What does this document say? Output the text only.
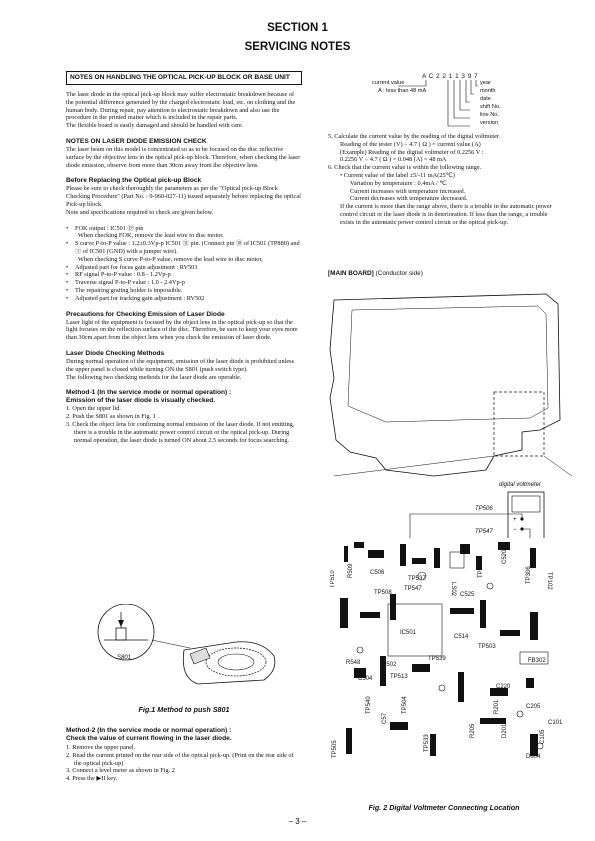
SECTION 1
SERVICING NOTES
NOTES ON HANDLING THE OPTICAL PICK-UP BLOCK OR BASE UNIT

The laser diode in the optical pick-up block may suffer electrostatic breakdown because of the potential difference generated by the charged electrostatic load, etc. on clothing and the human body. During repair, pay attention to electrostatic breakdown and also use the procedure in the printed matter which is included in the repair parts.

The flexible board is easily damaged and should be handled with care.

NOTES ON LASER DIODE EMISSION CHECK

The laser beam on this model is concentrated so as to be focused on the disc reflective surface by the objective lens in the optical pick-up block. Therefore, when checking the laser diode emission, observe from more than 30cm away from the objective lens.

Before Replacing the Optical pick-up Block

Please be sure to check thoroughly the parameters as per the "Optical pick-up Block Checking Procedure" (Part No. : 9-960-027-11) issued separately before replacing the optical Pick-up block.

Note and specifications required to check are given below.

•	FOK output : IC501 ⑲ pin
When checking FOK, remove the lead wire to disc motor.
•	S curve P-to-P value : 1.2±0.3Vp-p IC501 ㉛ pin. (Connect pin ⑩ of IC501 (TP880) and ③ of IC501 (GND) with a jumper wire).
When checking S curve P-to-P value, remove the lead wire to disc motor.
•	Adjusted part for focus gain adjustment : RV503
•	RF signal P-to-P value : 0.8 - 1.2Vp-p
•	Traverse signal P-to-P value : 1.0 - 2.4Vp-p
•	The repairing grating holder is impossible.
•	Adjusted part for tracking gain adjustment : RV502
Precautions for Checking Emission of Laser Diode

Laser light of the equipment is focused by the object lens in the optical pick-up so that the light focuses on the reflection surface of the disc. Therefore, be sure to keep your eyes more than 30cm apart from the object lens when you check the emission of laser diode.

Laser Diode Checking Methods

During normal operation of the equipment, emission of the laser diode is prohibited unless the upper panel is closed while turning ON the S801 (push switch type).

The following two checking methods for the laser diode are operable.

Method-1 (In the service mode or normal operation) :
Emission of the laser diode is visually checked.
1. Open the upper lid.
2. Push the S801 as shown in Fig. 1 .
3. Check the object lens for confirming normal emission of the laser diode. If not emitting, there is a trouble in the automatic power control circuit or the optical pick-up. During normal operation, the laser diode is turned ON about 2.5 seconds for focus searching.
S801
Fig.1 Method to push S801
Method-2 (In the service mode or normal operation) :
Check the value of current flowing in the laser diode.
1. Remove the upper panel.
2. Read the current printed on the rear side of the optical pick-up. (Print on the rear side of the optical pick-up)
3. Connect a level meter as shown in Fig. 2
4. Press the ▶II key.
A C 2 2 1 1 3 9 7
current value
A : less than 48 mA
year
month
date
shift No.
line No.
version
5. Calculate the current value by the reading of the digital voltmeter.
Reading of the tester (V) ÷ 4.7 ( Ω ) = current value (A)
(Example) Reading of the digital voltmeter of 0.2256 V :
0.2256 V ÷ 4.7 ( Ω ) = 0.048 (A) = 48 mA
6. Check that the current value is within the following range.
• Current value of the label ±5/-11 mA(25℃)
Variation by temperature : 0.4mA / ℃
Current increases with temperature increased.
Current decreases with temperature decreased.

If the current is more than the range above, there is a trouble in the automatic power control circuit or the laser diode is in deterioration. If less than the range, a trouble exists in the automatic power control circuit or the optical pick-up.

[MAIN BOARD] (Conductor side)
digital voltmeter
+
−
TP506
TP547
TP510 R509	C506
TP508
TP537
TP547	LS02
TP521
C520
C525
TP102
TP306
IC501
R502
C514
TP503
TP539	FB302
C205
C101
C105
C504
R548
TP513
TP504
TP540
C57
TP533
TP505
R201
R205
C220
D201
D804
Fig. 2 Digital Voltmeter Connecting Location
– 3 –
